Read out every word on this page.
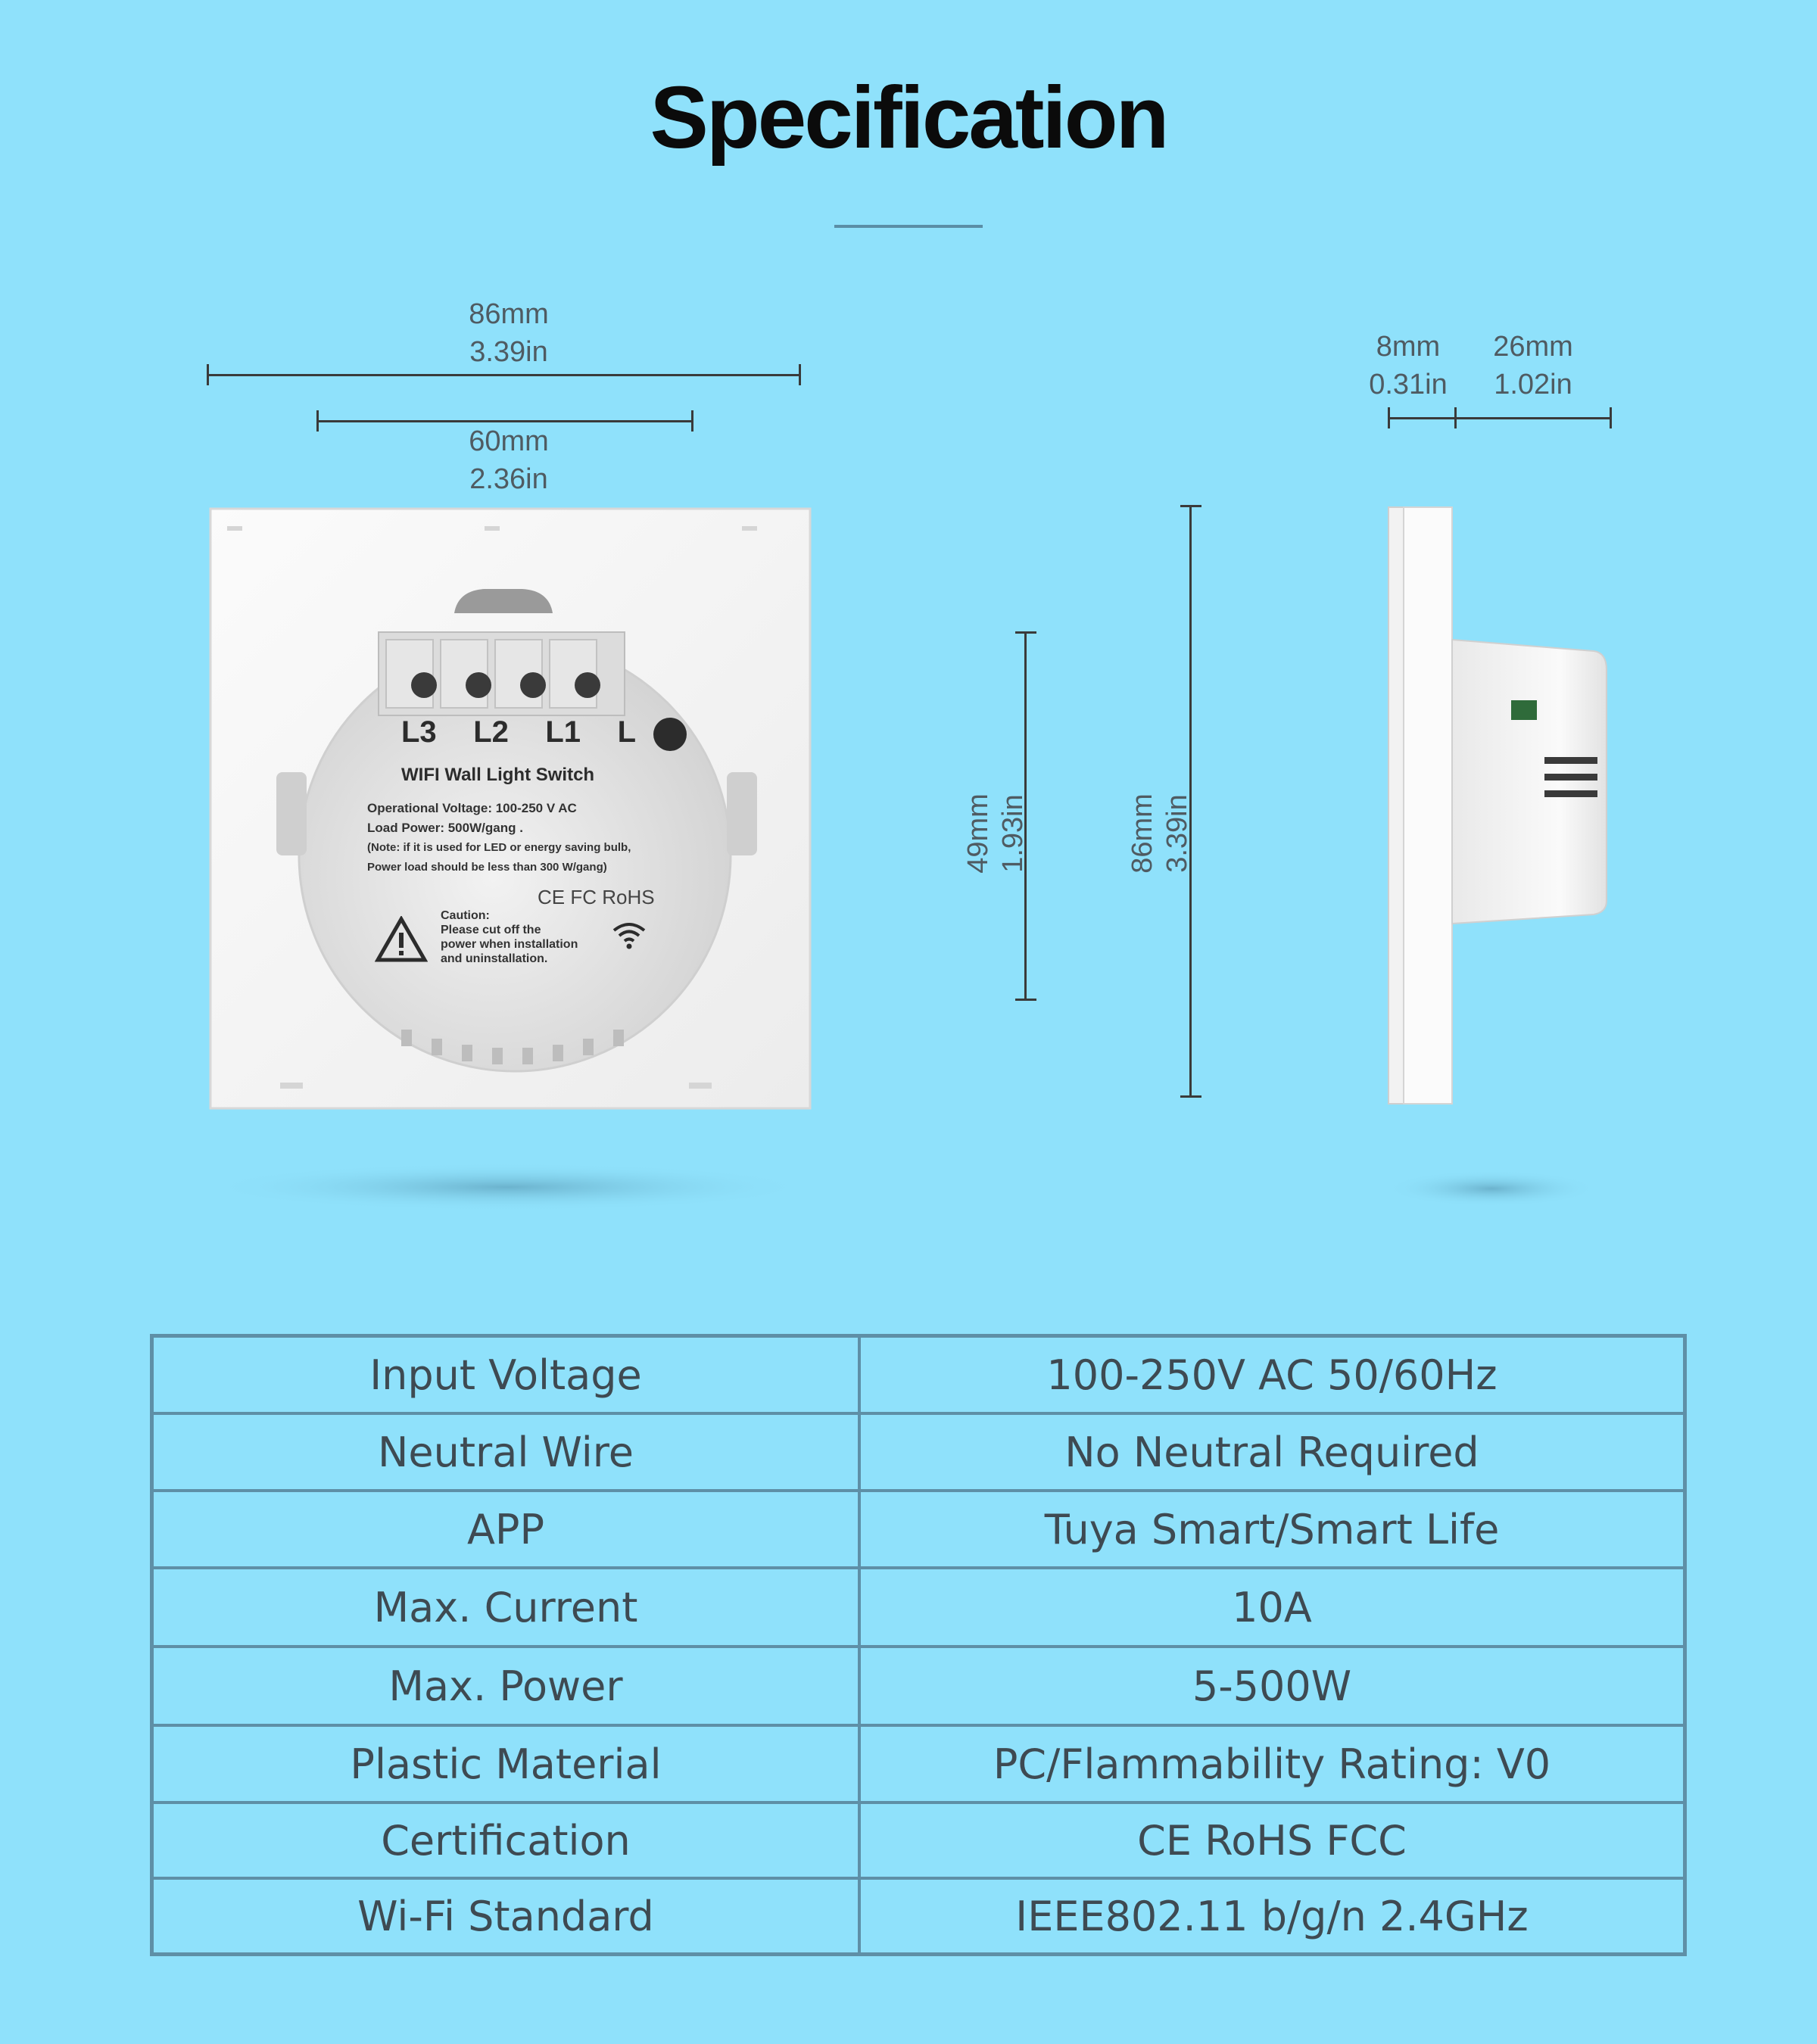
Specification
86mm
3.39in
60mm
2.36in
L3 L2 L1 L
WIFI Wall Light Switch
Operational Voltage: 100-250 V AC
Load Power: 500W/gang .
(Note: if it is used for LED or energy saving bulb,
Power load should be less than 300 W/gang)
CE FC RoHS
Caution:
Please cut off the
power when installation
and uninstallation.
49mm 1.93in	86mm 3.39in
8mm
0.31in
26mm
1.02in
Input Voltage	100-250V AC 50/60Hz
Neutral Wire	No Neutral Required
APP	Tuya Smart/Smart Life
Max. Current	10A
Max. Power	5-500W
Plastic Material	PC/Flammability Rating: V0
Certification	CE RoHS FCC
Wi-Fi Standard	IEEE802.11 b/g/n 2.4GHz
